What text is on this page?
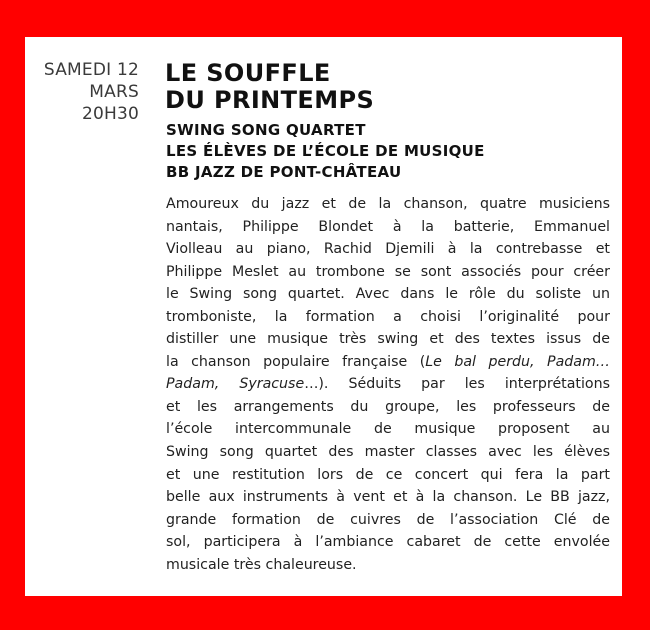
SAMEDI 12
MARS
20H30
LE SOUFFLE
DU PRINTEMPS
SWING SONG QUARTET
LES ÉLÈVES DE L’ÉCOLE DE MUSIQUE
BB JAZZ DE PONT-CHÂTEAU
Amoureux du jazz et de la chanson, quatre musiciens
nantais, Philippe Blondet à la batterie, Emmanuel
Violleau au piano, Rachid Djemili à la contrebasse et
Philippe Meslet au trombone se sont associés pour créer
le Swing song quartet. Avec dans le rôle du soliste un
tromboniste, la formation a choisi l’originalité pour
distiller une musique très swing et des textes issus de
la chanson populaire française (Le bal perdu, Padam…
Padam, Syracuse…). Séduits par les interprétations
et les arrangements du groupe, les professeurs de
l’école intercommunale de musique proposent au
Swing song quartet des master classes avec les élèves
et une restitution lors de ce concert qui fera la part
belle aux instruments à vent et à la chanson. Le BB jazz,
grande formation de cuivres de l’association Clé de
sol, participera à l’ambiance cabaret de cette envolée
musicale très chaleureuse.
